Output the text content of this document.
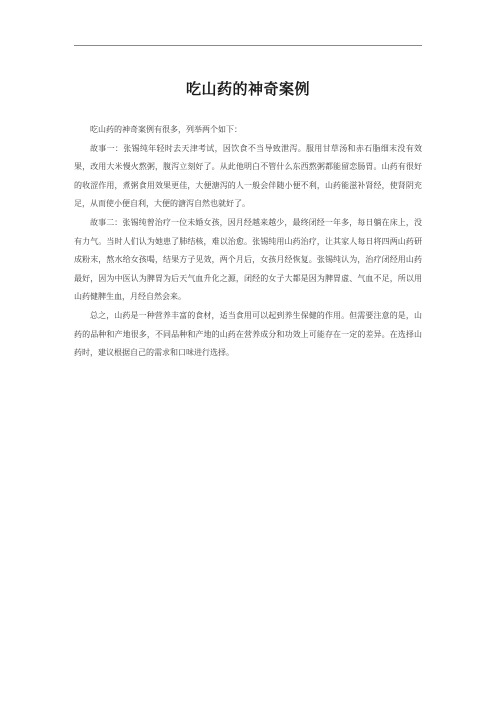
吃山药的神奇案例

吃山药的神奇案例有很多，列举两个如下：

故事一：张锡纯年轻时去天津考试，因饮食不当导致泄泻。服用甘草汤和赤石脂细末没有效果，改用大米慢火熬粥，腹泻立刻好了。从此他明白不管什么东西熬粥都能留恋肠胃。山药有很好的收涩作用，煮粥食用效果更佳，大便溏泻的人一般会伴随小便不利，山药能滋补肾经，使肾阴充足，从而使小便自利，大便的溏泻自然也就好了。

故事二：张锡纯曾治疗一位未婚女孩，因月经越来越少，最终闭经一年多，每日躺在床上，没有力气。当时人们认为她患了肺结核，难以治愈。张锡纯用山药治疗，让其家人每日将四两山药研成粉末，熬水给女孩喝，结果方子见效，两个月后，女孩月经恢复。张锡纯认为，治疗闭经用山药最好，因为中医认为脾胃为后天气血升化之源，闭经的女子大都是因为脾胃虚、气血不足，所以用山药健脾生血，月经自然会来。

总之，山药是一种营养丰富的食材，适当食用可以起到养生保健的作用。但需要注意的是，山药的品种和产地很多，不同品种和产地的山药在营养成分和功效上可能存在一定的差异。在选择山药时，建议根据自己的需求和口味进行选择。
